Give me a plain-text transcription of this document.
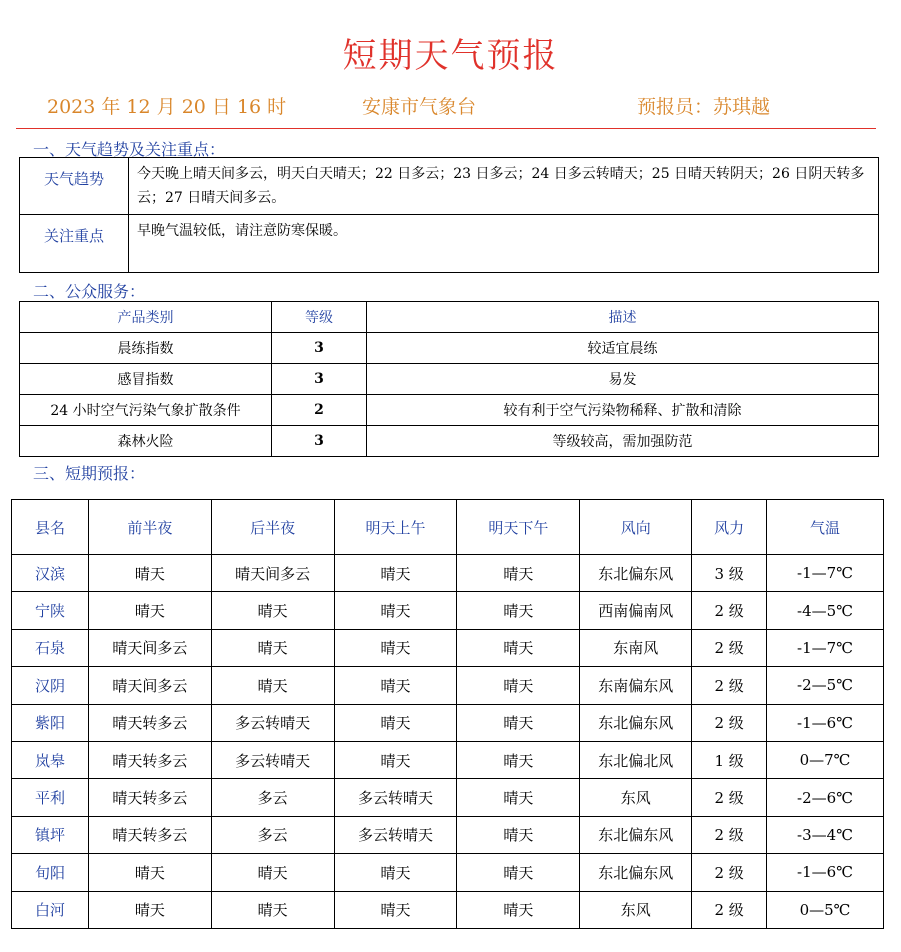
短期天气预报
2023 年 12 月 20 日 16 时	安康市气象台	预报员：苏琪越
一、天气趋势及关注重点：
天气趋势	今天晚上晴天间多云，明天白天晴天；22 日多云；23 日多云；24 日多云转晴天；25 日晴天转阴天；26 日阴天转多云；27 日晴天间多云。
关注重点	早晚气温较低，请注意防寒保暖。
二、公众服务：
产品类别	等级	描述
晨练指数	3	较适宜晨练
感冒指数	3	易发
24 小时空气污染气象扩散条件	2	较有利于空气污染物稀释、扩散和清除
森林火险	3	等级较高，需加强防范
三、短期预报：
县名	前半夜	后半夜	明天上午	明天下午	风向	风力	气温
汉滨	晴天	晴天间多云	晴天	晴天	东北偏东风	3 级	-1—7℃
宁陕	晴天	晴天	晴天	晴天	西南偏南风	2 级	-4—5℃
石泉	晴天间多云	晴天	晴天	晴天	东南风	2 级	-1—7℃
汉阴	晴天间多云	晴天	晴天	晴天	东南偏东风	2 级	-2—5℃
紫阳	晴天转多云	多云转晴天	晴天	晴天	东北偏东风	2 级	-1—6℃
岚皋	晴天转多云	多云转晴天	晴天	晴天	东北偏北风	1 级	0—7℃
平利	晴天转多云	多云	多云转晴天	晴天	东风	2 级	-2—6℃
镇坪	晴天转多云	多云	多云转晴天	晴天	东北偏东风	2 级	-3—4℃
旬阳	晴天	晴天	晴天	晴天	东北偏东风	2 级	-1—6℃
白河	晴天	晴天	晴天	晴天	东风	2 级	0—5℃
